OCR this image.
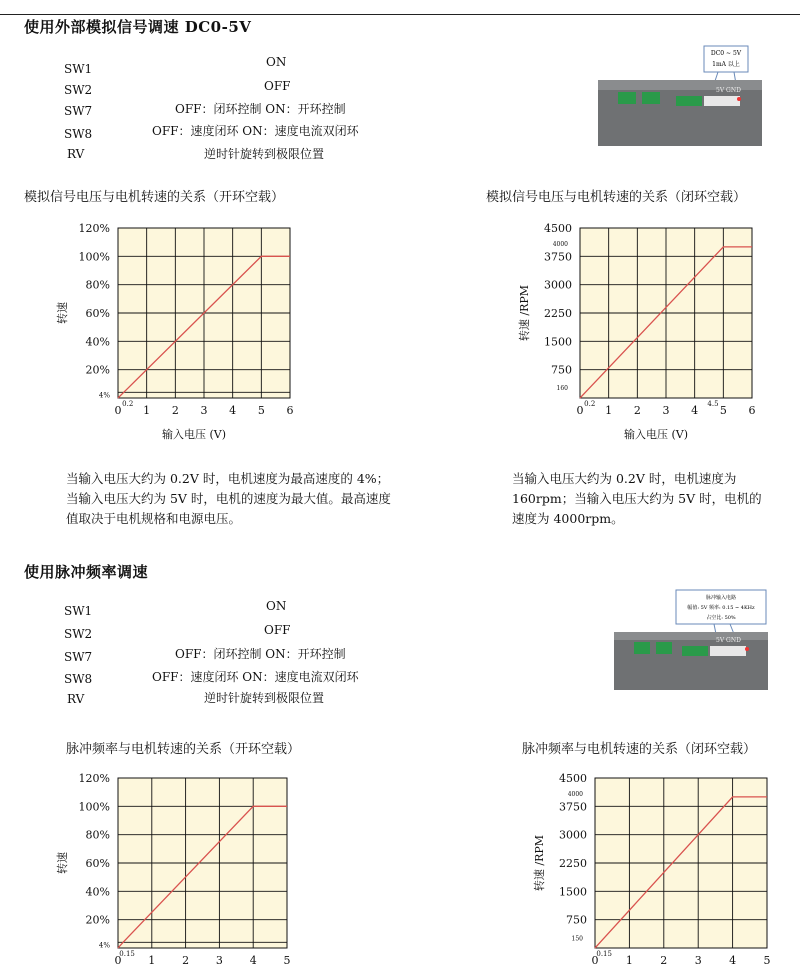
使用外部模拟信号调速 DC0-5V
SW1	ON
SW2	OFF
SW7	OFF：闭环控制 ON：开环控制
SW8	OFF：速度闭环 ON：速度电流双闭环
RV	逆时针旋转到极限位置
DC0 ~ 5V
1mA 以上
5V GND
模拟信号电压与电机转速的关系（开环空载）	模拟信号电压与电机转速的关系（闭环空载）
0 1 2 3 4 5 6
0.2
4%
20%
40%
60%
80%
100%
120%
转速
输入电压 (V)
0 1 2 3 4 5 6
0.2	4.5
750
1500
2250
3000
3750
4500
160
4000
转速 /RPM
输入电压 (V)
当输入电压大约为 0.2V 时，电机速度为最高速度的 4%；当输入电压大约为 5V 时，电机的速度为最大值。最高速度值取决于电机规格和电源电压。
当输入电压大约为 0.2V 时，电机速度为 160rpm；当输入电压大约为 5V 时，电机的速度为 4000rpm。
使用脉冲频率调速
SW1	ON
SW2	OFF
SW7	OFF：闭环控制 ON：开环控制
SW8	OFF：速度闭环 ON：速度电流双闭环
RV	逆时针旋转到极限位置
脉冲输入电路
幅值: 5V 频率: 0.15 ~ 4KHz
占空比: 50%
5V GND
脉冲频率与电机转速的关系（开环空载）	脉冲频率与电机转速的关系（闭环空载）
0 1 2 3 4 5
0.15
4%
20%
40%
60%
80%
100%
120%
转速
0 1 2 3 4 5
0.15
750
1500
2250
3000
3750
4500
150
4000
转速 /RPM
